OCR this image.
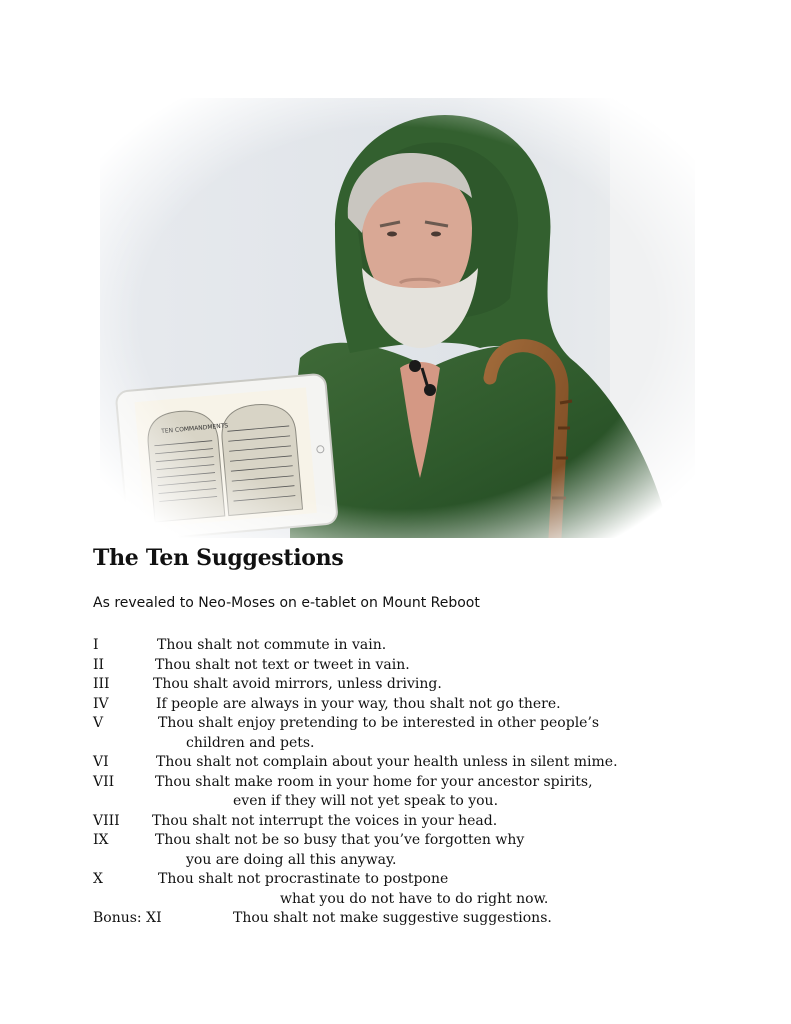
The Ten Suggestions
As revealed to Neo-Moses on e-tablet on Mount Reboot
I	Thou shalt not commute in vain.
II	Thou shalt not text or tweet in vain.
III	Thou shalt avoid mirrors, unless driving.
IV	If people are always in your way, thou shalt not go there.
V	Thou shalt enjoy pretending to be interested in other people’s
children and pets.
VI	Thou shalt not complain about your health unless in silent mime.
VII	Thou shalt make room in your home for your ancestor spirits,
even if they will not yet speak to you.
VIII	Thou shalt not interrupt the voices in your head.
IX	Thou shalt not be so busy that you’ve forgotten why
you are doing all this anyway.
X	Thou shalt not procrastinate to postpone
what you do not have to do right now.
Bonus: XI	Thou shalt not make suggestive suggestions.
